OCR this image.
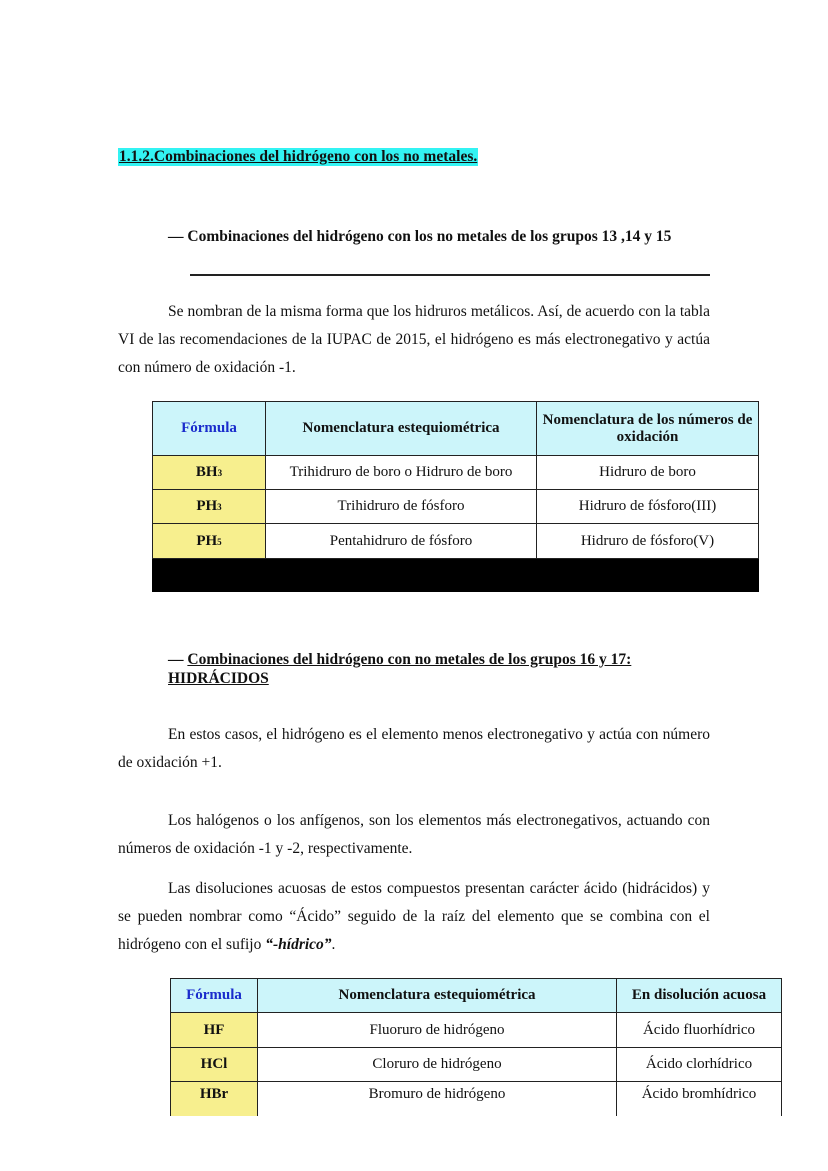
1.1.2.Combinaciones del hidrógeno con los no metales.
— Combinaciones del hidrógeno con los no metales de los grupos 13 ,14 y 15
Se nombran de la misma forma que los hidruros metálicos. Así, de acuerdo con la tabla VI de las recomendaciones de la IUPAC de 2015, el hidrógeno es más electronegativo y actúa con número de oxidación -1.
Fórmula	Nomenclatura estequiométrica	Nomenclatura de los números de oxidación
BH3	Trihidruro de boro o Hidruro de boro	Hidruro de boro
PH3	Trihidruro de fósforo	Hidruro de fósforo(III)
PH5	Pentahidruro de fósforo	Hidruro de fósforo(V)

— Combinaciones del hidrógeno con no metales de los grupos 16 y 17:
HIDRÁCIDOS
En estos casos, el hidrógeno es el elemento menos electronegativo y actúa con número de oxidación +1.
Los halógenos o los anfígenos, son los elementos más electronegativos, actuando con números de oxidación -1 y -2, respectivamente.
Las disoluciones acuosas de estos compuestos presentan carácter ácido (hidrácidos) y se pueden nombrar como “Ácido” seguido de la raíz del elemento que se combina con el hidrógeno con el sufijo “-hídrico”.
Fórmula	Nomenclatura estequiométrica	En disolución acuosa
HF	Fluoruro de hidrógeno	Ácido fluorhídrico
HCl	Cloruro de hidrógeno	Ácido clorhídrico
HBr	Bromuro de hidrógeno	Ácido bromhídrico
